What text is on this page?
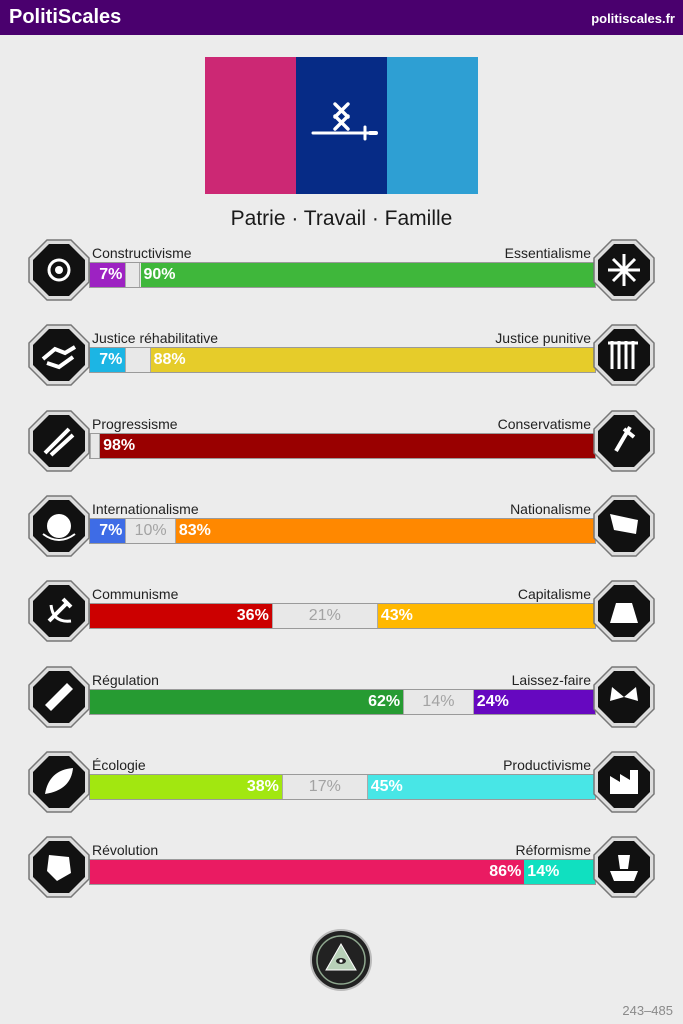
PolitiScales	politiscales.fr
Patrie · Travail · Famille
Constructivisme	Essentialisme
7% 90%
Justice réhabilitative	Justice punitive
7% 88%
Progressisme	Conservatisme
98%
Internationalisme	Nationalisme
7% 10% 83%
Communisme	Capitalisme
36%	21%	43%
Régulation	Laissez-faire
62%	14%	24%
Écologie	Productivisme
38%	17%	45%
Révolution	Réformisme
86% 14%
243–485
